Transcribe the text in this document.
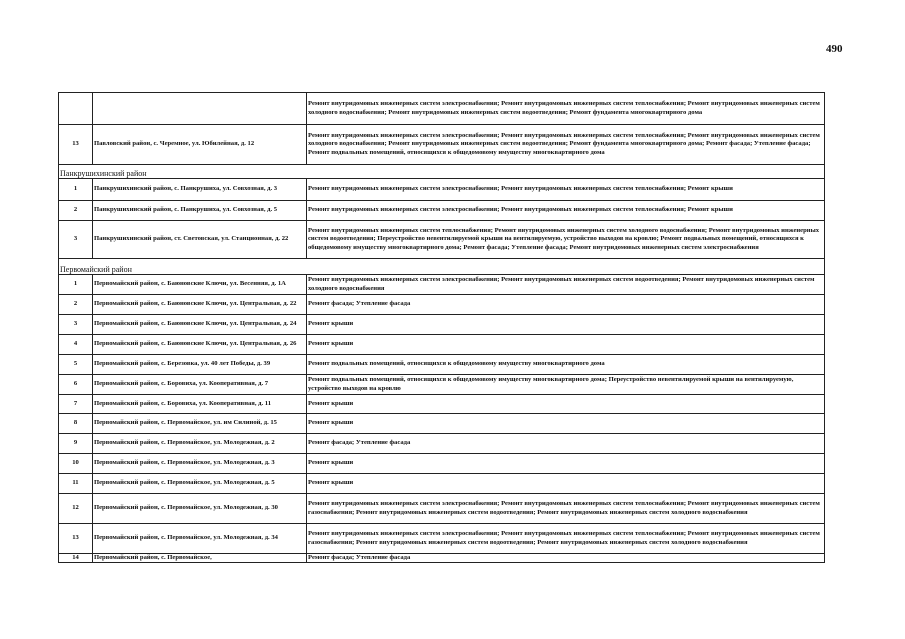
490
		Ремонт внутридомовых инженерных систем электроснабжения; Ремонт внутридомовых инженерных систем теплоснабжения; Ремонт внутридомовых инженерных систем холодного водоснабжения; Ремонт внутридомовых инженерных систем водоотведения; Ремонт фундамента многоквартирного дома
13	Павловский район, с. Черемное, ул. Юбилейная, д. 12	Ремонт внутридомовых инженерных систем электроснабжения; Ремонт внутридомовых инженерных систем теплоснабжения; Ремонт внутридомовых инженерных систем холодного водоснабжения; Ремонт внутридомовых инженерных систем водоотведения; Ремонт фундамента многоквартирного дома; Ремонт фасада; Утепление фасада; Ремонт подвальных помещений, относящихся к общедомовому имуществу многоквартирного дома
Панкрушихинский район		
1	Панкрушихинский район, с. Панкрушиха, ул. Совхозная, д. 3	Ремонт внутридомовых инженерных систем электроснабжения; Ремонт внутридомовых инженерных систем теплоснабжения; Ремонт крыши
2	Панкрушихинский район, с. Панкрушиха, ул. Совхозная, д. 5	Ремонт внутридомовых инженерных систем электроснабжения; Ремонт внутридомовых инженерных систем теплоснабжения; Ремонт крыши
3	Панкрушихинский район, ст. Световская, ул. Станционная, д. 22	Ремонт внутридомовых инженерных систем теплоснабжения; Ремонт внутридомовых инженерных систем холодного водоснабжения; Ремонт внутридомовых инженерных систем водоотведения; Переустройство невентилируемой крыши на вентилируемую, устройство выходов на кровлю; Ремонт подвальных помещений, относящихся к общедомовому имуществу многоквартирного дома; Ремонт фасада; Утепление фасада; Ремонт внутридомовых инженерных систем электроснабжения
Первомайский район		
1	Первомайский район, с. Баюновские Ключи, ул. Весенняя, д. 1А	Ремонт внутридомовых инженерных систем электроснабжения; Ремонт внутридомовых инженерных систем водоотведения; Ремонт внутридомовых инженерных систем холодного водоснабжения
2	Первомайский район, с. Баюновские Ключи, ул. Центральная, д. 22	Ремонт фасада; Утепление фасада
3	Первомайский район, с. Баюновские Ключи, ул. Центральная, д. 24	Ремонт крыши
4	Первомайский район, с. Баюновские Ключи, ул. Центральная, д. 26	Ремонт крыши
5	Первомайский район, с. Березовка, ул. 40 лет Победы, д. 39	Ремонт подвальных помещений, относящихся к общедомовому имуществу многоквартирного дома
6	Первомайский район, с. Боровиха, ул. Кооперативная, д. 7	Ремонт подвальных помещений, относящихся к общедомовому имуществу многоквартирного дома; Переустройство невентилируемой крыши на вентилируемую, устройство выходов на кровлю
7	Первомайский район, с. Боровиха, ул. Кооперативная, д. 11	Ремонт крыши
8	Первомайский район, с. Первомайское, ул. им Силиной, д. 15	Ремонт крыши
9	Первомайский район, с. Первомайское, ул. Молодежная, д. 2	Ремонт фасада; Утепление фасада
10	Первомайский район, с. Первомайское, ул. Молодежная, д. 3	Ремонт крыши
11	Первомайский район, с. Первомайское, ул. Молодежная, д. 5	Ремонт крыши
12	Первомайский район, с. Первомайское, ул. Молодежная, д. 30	Ремонт внутридомовых инженерных систем электроснабжения; Ремонт внутридомовых инженерных систем теплоснабжения; Ремонт внутридомовых инженерных систем газоснабжения; Ремонт внутридомовых инженерных систем водоотведения; Ремонт внутридомовых инженерных систем холодного водоснабжения
13	Первомайский район, с. Первомайское, ул. Молодежная, д. 34	Ремонт внутридомовых инженерных систем электроснабжения; Ремонт внутридомовых инженерных систем теплоснабжения; Ремонт внутридомовых инженерных систем газоснабжения; Ремонт внутридомовых инженерных систем водоотведения; Ремонт внутридомовых инженерных систем холодного водоснабжения
14	Первомайский район, с. Первомайское,	Ремонт фасада; Утепление фасада
